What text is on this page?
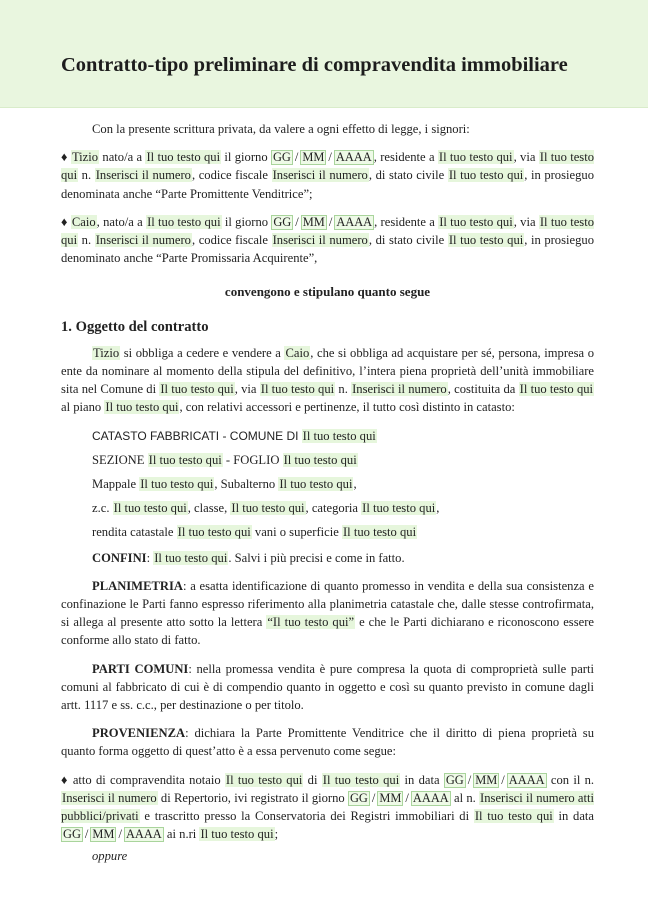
Contratto-tipo preliminare di compravendita immobiliare

Con la presente scrittura privata, da valere a ogni effetto di legge, i signori:

♦ Tizio nato/a a Il tuo testo qui il giorno GG / MM / AAAA , residente a Il tuo testo qui, via Il tuo testo qui n. Inserisci il numero, codice fiscale Inserisci il numero, di stato civile Il tuo testo qui, in prosieguo denominata anche “Parte Promittente Venditrice”;

♦ Caio, nato/a a Il tuo testo qui il giorno GG / MM / AAAA , residente a Il tuo testo qui, via Il tuo testo qui n. Inserisci il numero, codice fiscale Inserisci il numero, di stato civile Il tuo testo qui, in prosieguo denominato anche “Parte Promissaria Acquirente”,

convengono e stipulano quanto segue
1. Oggetto del contratto

Tizio si obbliga a cedere e vendere a Caio, che si obbliga ad acquistare per sé, persona, impresa o ente da nominare al momento della stipula del definitivo, l’intera piena proprietà dell’unità immobiliare sita nel Comune di Il tuo testo qui, via Il tuo testo qui n. Inserisci il numero, costituita da Il tuo testo qui al piano Il tuo testo qui, con relativi accessori e pertinenze, il tutto così distinto in catasto:

CATASTO FABBRICATI - COMUNE DI Il tuo testo qui
SEZIONE Il tuo testo qui - FOGLIO Il tuo testo qui
Mappale Il tuo testo qui, Subalterno Il tuo testo qui,
z.c. Il tuo testo qui, classe, Il tuo testo qui, categoria Il tuo testo qui,
rendita catastale Il tuo testo qui vani o superficie Il tuo testo qui

CONFINI: Il tuo testo qui. Salvi i più precisi e come in fatto.

PLANIMETRIA: a esatta identificazione di quanto promesso in vendita e della sua consistenza e confinazione le Parti fanno espresso riferimento alla planimetria catastale che, dalle stesse controfirmata, si allega al presente atto sotto la lettera “Il tuo testo qui” e che le Parti dichiarano e riconoscono essere conforme allo stato di fatto.

PARTI COMUNI: nella promessa vendita è pure compresa la quota di comproprietà sulle parti comuni al fabbricato di cui è di compendio quanto in oggetto e così su quanto previsto in comune dagli artt. 1117 e ss. c.c., per destinazione o per titolo.

PROVENIENZA: dichiara la Parte Promittente Venditrice che il diritto di piena proprietà su quanto forma oggetto di quest’atto è a essa pervenuto come segue:

♦ atto di compravendita notaio Il tuo testo qui di Il tuo testo qui in data GG / MM / AAAA con il n. Inserisci il numero di Repertorio, ivi registrato il giorno GG / MM / AAAA al n. Inserisci il numero atti pubblici/privati e trascritto presso la Conservatoria dei Registri immobiliari di Il tuo testo qui in data GG / MM / AAAA ai n.ri Il tuo testo qui;

oppure
